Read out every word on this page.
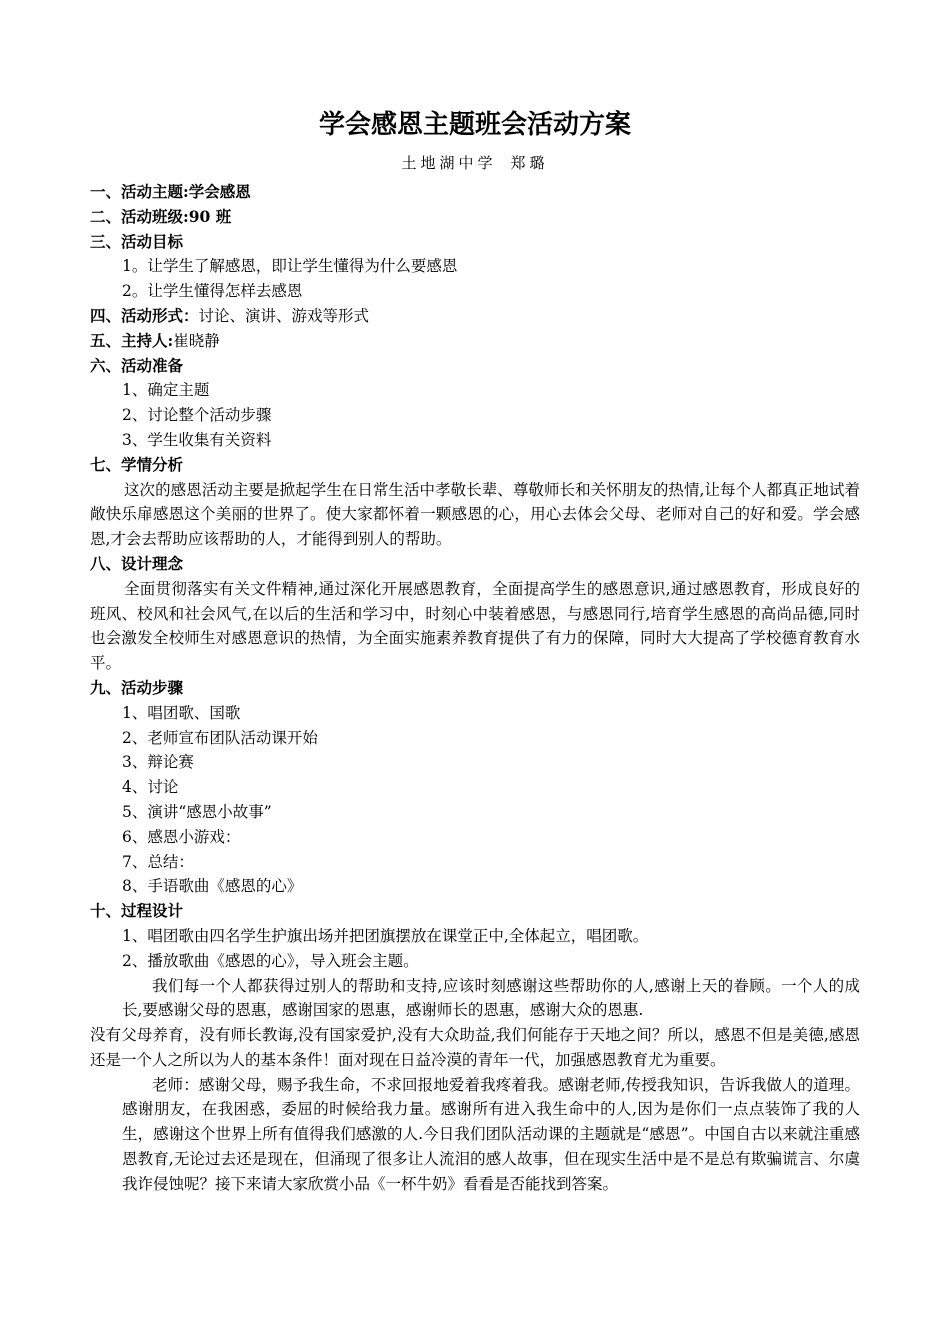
学会感恩主题班会活动方案
土地湖中学 郑璐

一、活动主题:学会感恩

二、活动班级:90 班

三、活动目标

1。让学生了解感恩，即让学生懂得为什么要感恩

2。让学生懂得怎样去感恩

四、活动形式：讨论、演讲、游戏等形式

五、主持人:崔晓静

六、活动准备

1、确定主题

2、讨论整个活动步骤

3、学生收集有关资料

七、学情分析

这次的感恩活动主要是掀起学生在日常生活中孝敬长辈、尊敬师长和关怀朋友的热情,让每个人都真正地试着敞快乐扉感恩这个美丽的世界了。使大家都怀着一颗感恩的心，用心去体会父母、老师对自己的好和爱。学会感恩,才会去帮助应该帮助的人，才能得到别人的帮助。

八、设计理念

全面贯彻落实有关文件精神,通过深化开展感恩教育，全面提高学生的感恩意识,通过感恩教育，形成良好的班风、校风和社会风气,在以后的生活和学习中，时刻心中装着感恩，与感恩同行,培育学生感恩的高尚品德,同时也会激发全校师生对感恩意识的热情，为全面实施素养教育提供了有力的保障，同时大大提高了学校德育教育水平。

九、活动步骤

1、唱团歌、国歌

2、老师宣布团队活动课开始

3、辩论赛

4、讨论

5、演讲“感恩小故事”

6、感恩小游戏：

7、总结：

8、手语歌曲《感恩的心》

十、过程设计

1、唱团歌由四名学生护旗出场并把团旗摆放在课堂正中,全体起立，唱团歌。

2、播放歌曲《感恩的心》，导入班会主题。

我们每一个人都获得过别人的帮助和支持,应该时刻感谢这些帮助你的人,感谢上天的眷顾。一个人的成长,要感谢父母的恩惠，感谢国家的恩惠，感谢师长的恩惠，感谢大众的恩惠.

没有父母养育，没有师长教诲,没有国家爱护,没有大众助益,我们何能存于天地之间？所以，感恩不但是美德,感恩还是一个人之所以为人的基本条件！面对现在日益冷漠的青年一代，加强感恩教育尤为重要。

老师：感谢父母，赐予我生命，不求回报地爱着我疼着我。感谢老师,传授我知识，告诉我做人的道理。感谢朋友，在我困惑，委屈的时候给我力量。感谢所有进入我生命中的人,因为是你们一点点装饰了我的人生，感谢这个世界上所有值得我们感激的人.今日我们团队活动课的主题就是“感恩”。中国自古以来就注重感恩教育,无论过去还是现在，但涌现了很多让人流泪的感人故事，但在现实生活中是不是总有欺骗谎言、尔虞我诈侵蚀呢？接下来请大家欣赏小品《一杯牛奶》看看是否能找到答案。
